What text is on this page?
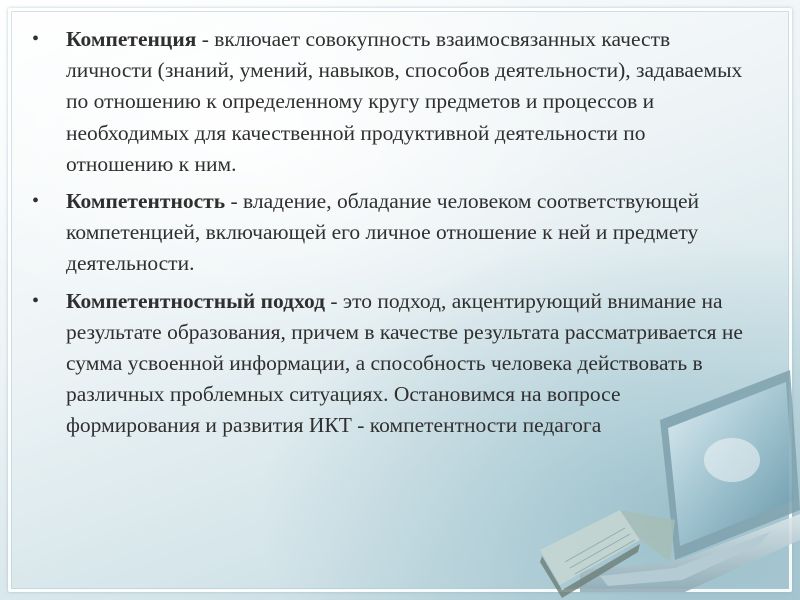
•	Компетенция - включает совокупность взаимосвязанных качеств личности (знаний, умений, навыков, способов деятельности), задаваемых по отношению к определенному кругу предметов и процессов и необходимых для качественной продуктивной деятельности по отношению к ним.
•	Компетентность - владение, обладание человеком соответствующей компетенцией, включающей его личное отношение к ней и предмету деятельности.
•	Компетентностный подход - это подход, акцентирующий внимание на результате образования, причем в качестве результата рассматривается не сумма усвоенной информации, а способность человека действовать в различных проблемных ситуациях. Остановимся на вопросе формирования и развития ИКТ - компетентности педагога
